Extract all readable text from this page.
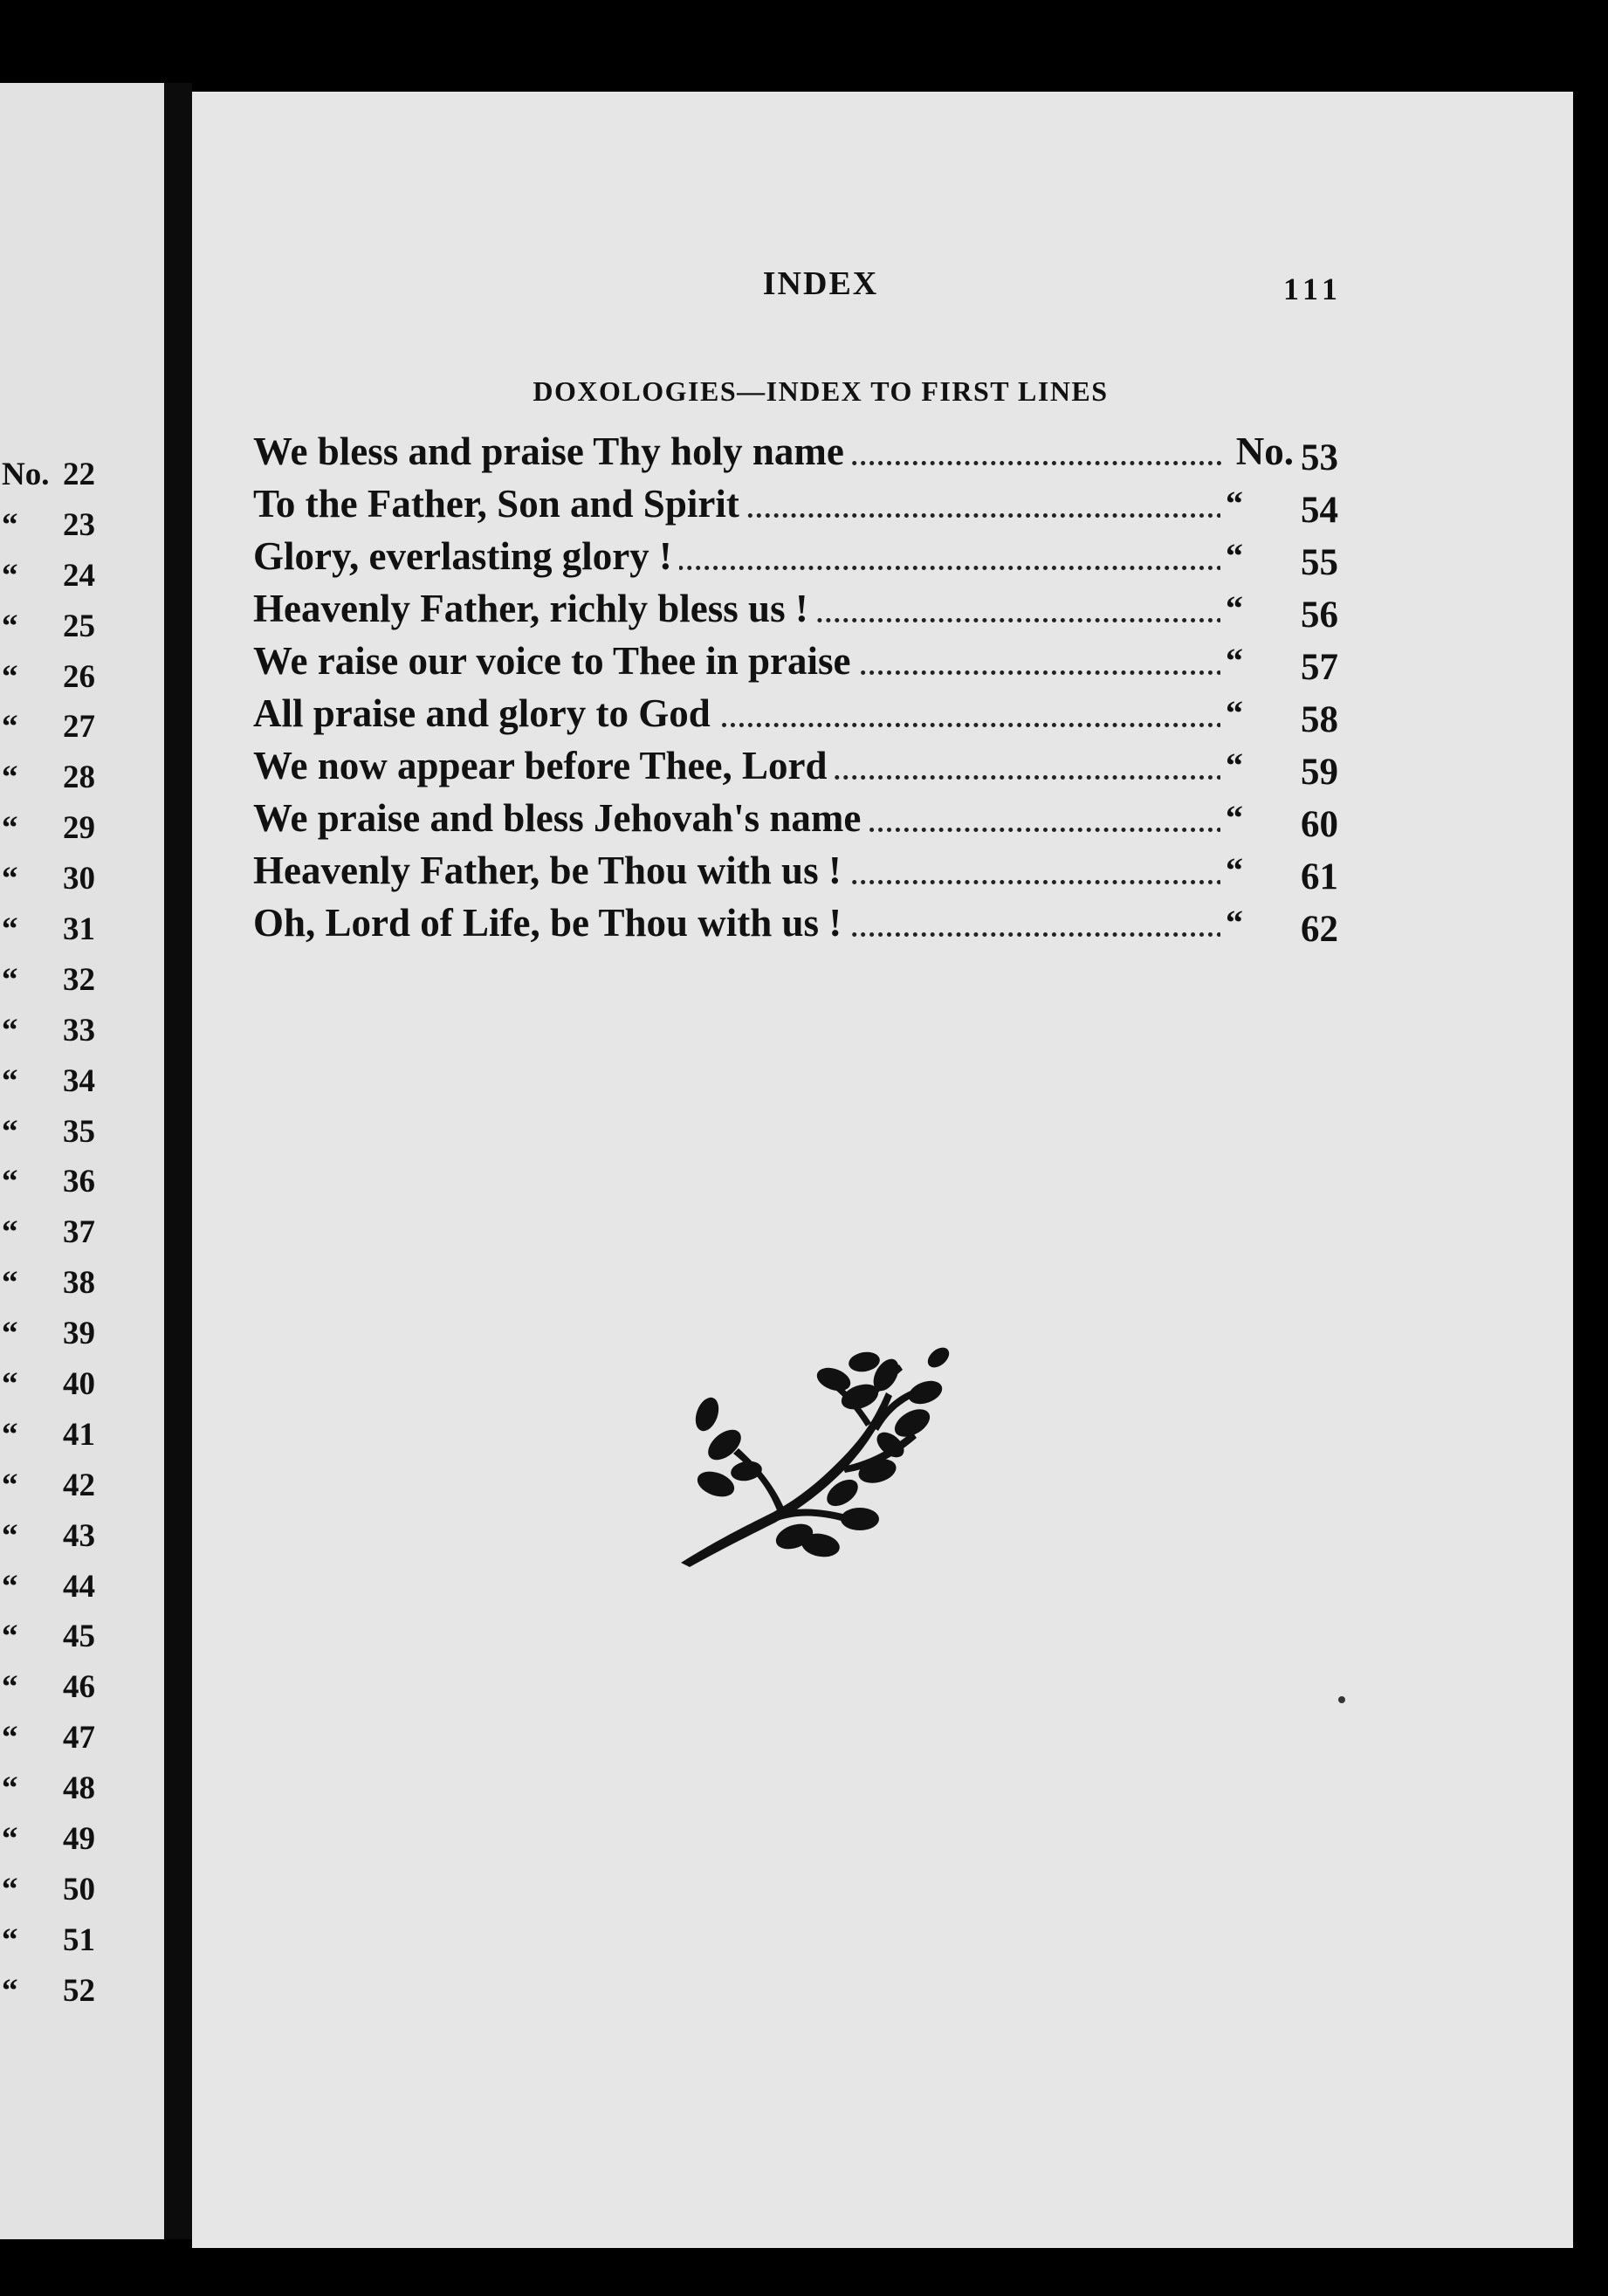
No. 22
“ 23
“ 24
“ 25
“ 26
“ 27
“ 28
“ 29
“ 30
“ 31
“ 32
“ 33
“ 34
“ 35
“ 36
“ 37
“ 38
“ 39
“ 40
“ 41
“ 42
“ 43
“ 44
“ 45
“ 46
“ 47
“ 48
“ 49
“ 50
“ 51
“ 52
INDEX	111
DOXOLOGIES—INDEX TO FIRST LINES
We bless and praise Thy holy name	No. 53
To the Father, Son and Spirit	“	54
Glory, everlasting glory !	“	55
Heavenly Father, richly bless us !	“	56
We raise our voice to Thee in praise	“	57
All praise and glory to God	“	58
We now appear before Thee, Lord	“	59
We praise and bless Jehovah's name	“	60
Heavenly Father, be Thou with us !	“	61
Oh, Lord of Life, be Thou with us !	“	62
